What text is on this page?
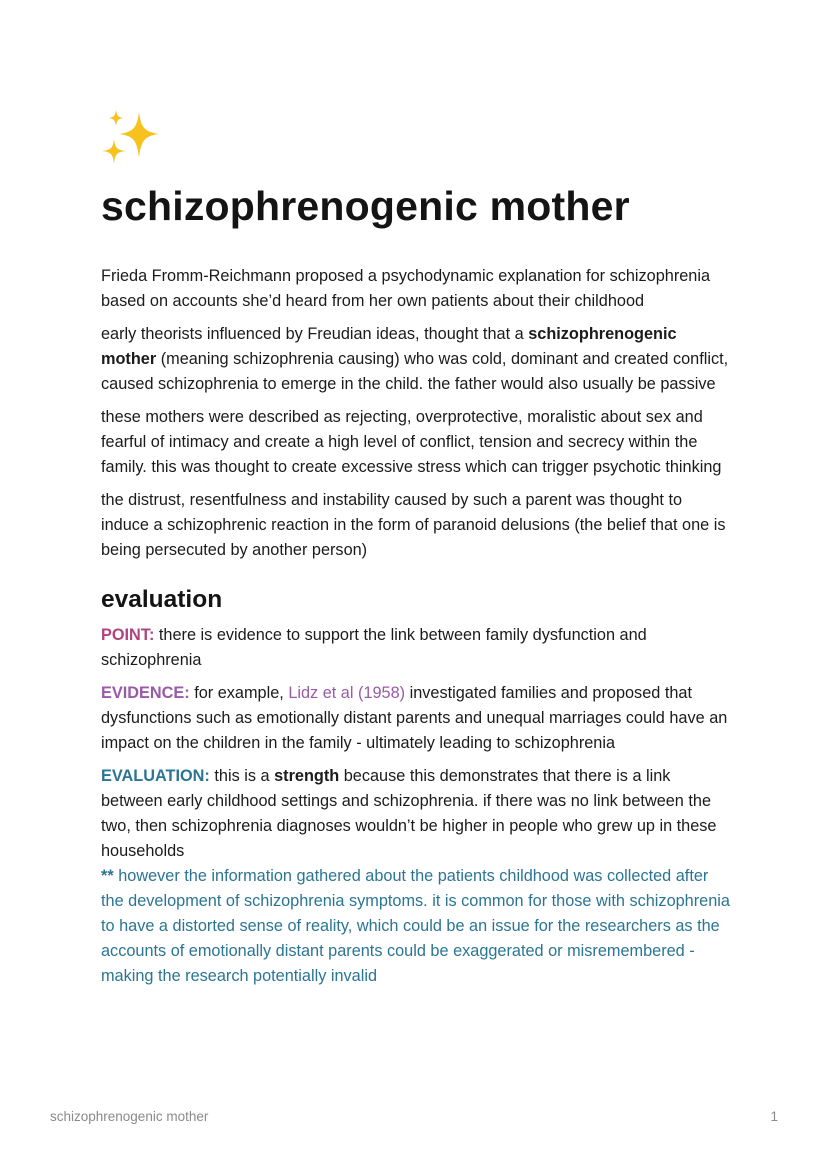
schizophrenogenic mother

Frieda Fromm-Reichmann proposed a psychodynamic explanation for schizophrenia based on accounts she’d heard from her own patients about their childhood

early theorists influenced by Freudian ideas, thought that a schizophrenogenic mother (meaning schizophrenia causing) who was cold, dominant and created conflict, caused schizophrenia to emerge in the child. the father would also usually be passive

these mothers were described as rejecting, overprotective, moralistic about sex and fearful of intimacy and create a high level of conflict, tension and secrecy within the family. this was thought to create excessive stress which can trigger psychotic thinking

the distrust, resentfulness and instability caused by such a parent was thought to induce a schizophrenic reaction in the form of paranoid delusions (the belief that one is being persecuted by another person)

evaluation

POINT: there is evidence to support the link between family dysfunction and schizophrenia

EVIDENCE: for example, Lidz et al (1958) investigated families and proposed that dysfunctions such as emotionally distant parents and unequal marriages could have an impact on the children in the family - ultimately leading to schizophrenia

EVALUATION: this is a strength because this demonstrates that there is a link between early childhood settings and schizophrenia. if there was no link between the two, then schizophrenia diagnoses wouldn’t be higher in people who grew up in these households

** however the information gathered about the patients childhood was collected after the development of schizophrenia symptoms. it is common for those with schizophrenia to have a distorted sense of reality, which could be an issue for the researchers as the accounts of emotionally distant parents could be exaggerated or misremembered - making the research potentially invalid

schizophrenogenic mother	1
